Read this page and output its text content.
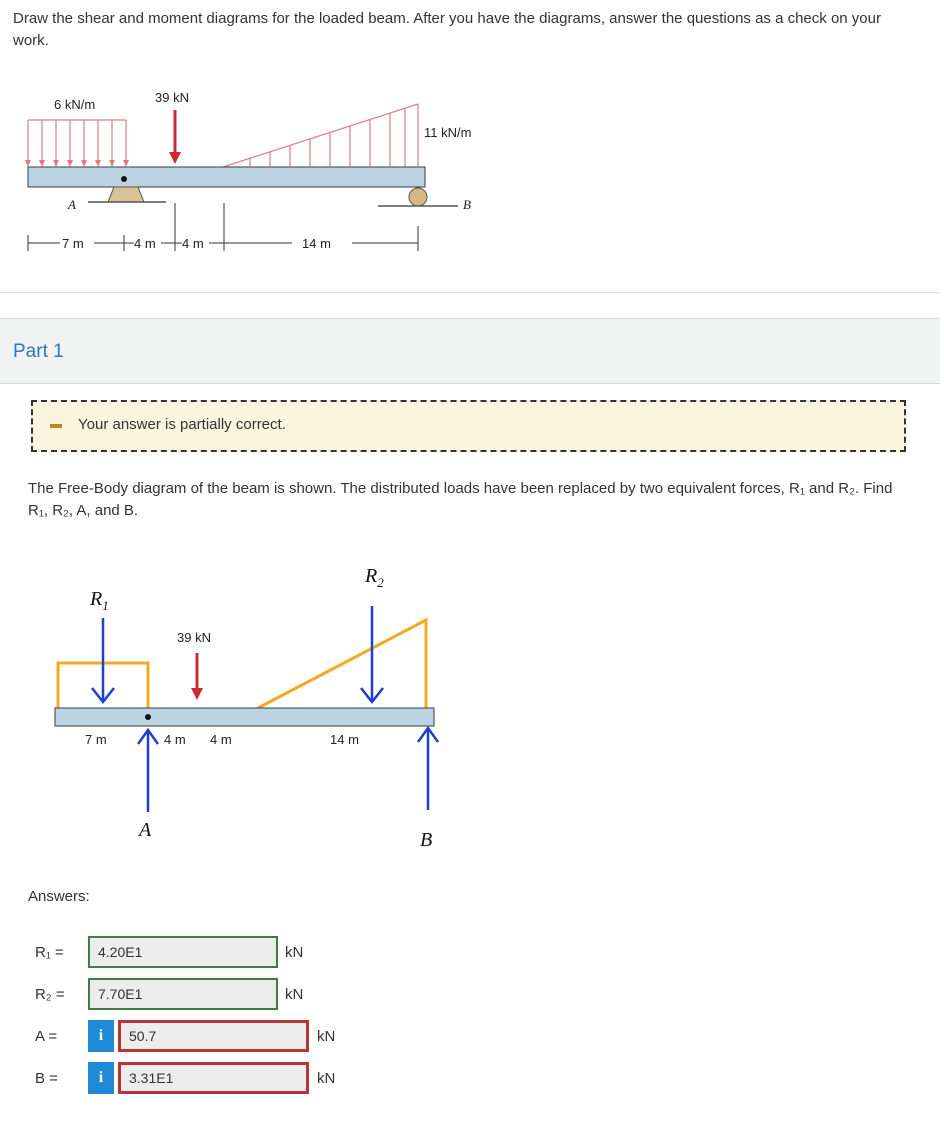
Draw the shear and moment diagrams for the loaded beam. After you have the diagrams, answer the questions as a check on your work.
6 kN/m	39 kN
11 kN/m
A	B
7 m	4 m 4 m	14 m
Part 1
Your answer is partially correct.
The Free-Body diagram of the beam is shown. The distributed loads have been replaced by two equivalent forces, R₁ and R₂. Find R₁, R₂, A, and B.
$R_1$
$R_2$
39 kN
A	B
7 m	4 m 4 m	14 m
Answers:
R₁ =	4.20E1	kN
R₂ =	7.70E1	kN
A =	i	50.7	kN
B =	i	3.31E1	kN
